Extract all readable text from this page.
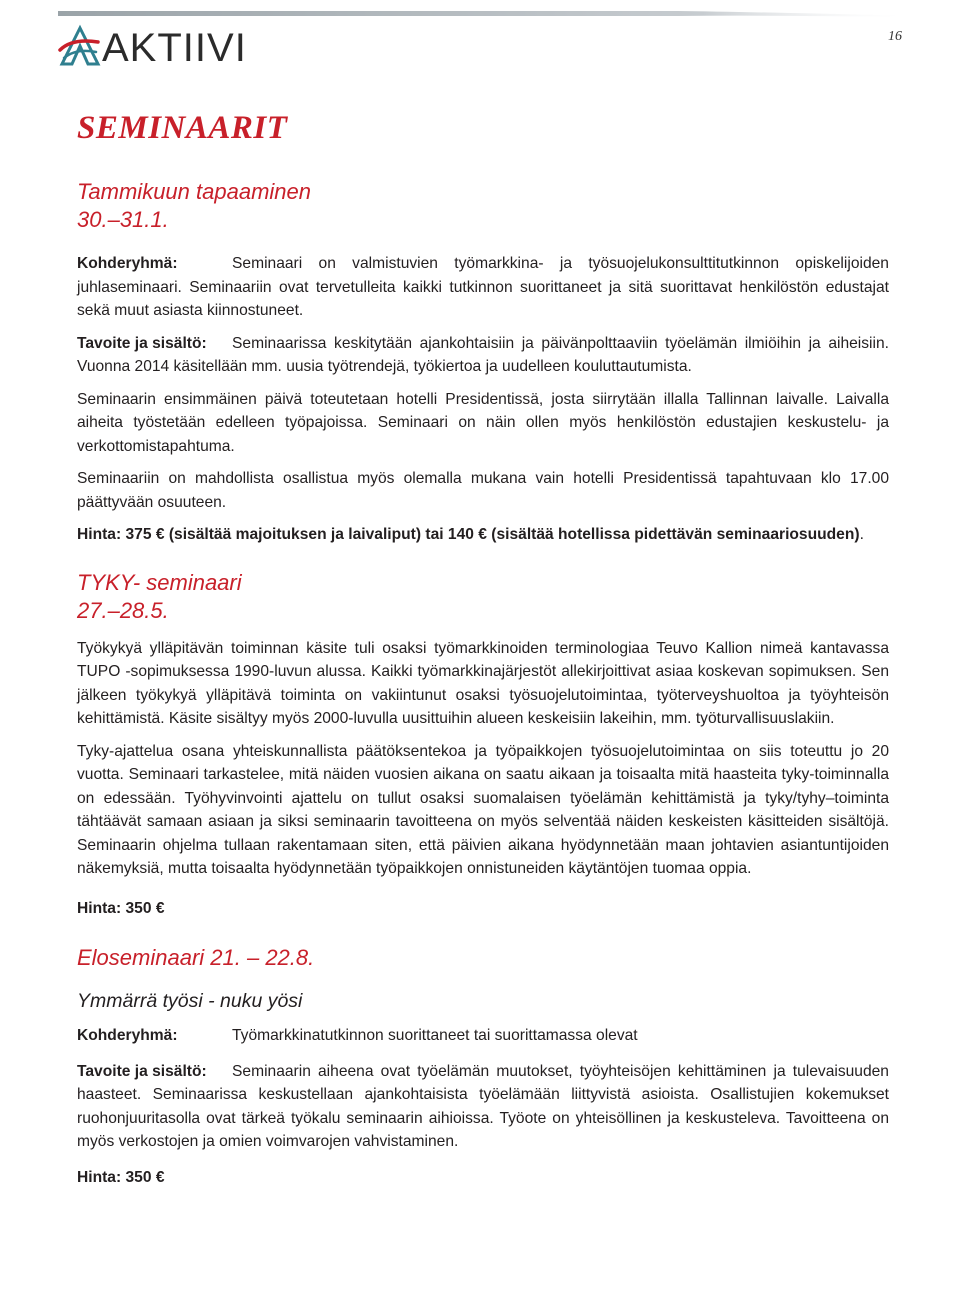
AKTIIVI	16
SEMINAARIT
Tammikuun tapaaminen
30.–31.1.

Kohderyhmä:	Seminaari on valmistuvien työmarkkina- ja työsuojelukonsulttitutkinnon opiskelijoiden juhlaseminaari. Seminaariin ovat tervetulleita kaikki tutkinnon suorittaneet ja sitä suorittavat henkilöstön edustajat sekä muut asiasta kiinnostuneet.

Tavoite ja sisältö: Seminaarissa keskitytään ajankohtaisiin ja päivänpolttaaviin työelämän ilmiöihin ja aiheisiin. Vuonna 2014 käsitellään mm. uusia työtrendejä, työkiertoa ja uudelleen kouluttautumista.

Seminaarin ensimmäinen päivä toteutetaan hotelli Presidentissä, josta siirrytään illalla Tallinnan laivalle. Laivalla aiheita työstetään edelleen työpajoissa. Seminaari on näin ollen myös henkilöstön edustajien keskustelu- ja verkottomistapahtuma.

Seminaariin on mahdollista osallistua myös olemalla mukana vain hotelli Presidentissä tapahtuvaan klo 17.00 päättyvään osuuteen.

Hinta: 375 € (sisältää majoituksen ja laivaliput) tai 140 € (sisältää hotellissa pidettävän seminaariosuuden).

TYKY- seminaari
27.–28.5.

Työkykyä ylläpitävän toiminnan käsite tuli osaksi työmarkkinoiden terminologiaa Teuvo Kallion nimeä kantavassa TUPO -sopimuksessa 1990-luvun alussa. Kaikki työmarkkinajärjestöt allekirjoittivat asiaa koskevan sopimuksen. Sen jälkeen työkykyä ylläpitävä toiminta on vakiintunut osaksi työsuojelutoimintaa, työterveyshuoltoa ja työyhteisön kehittämistä. Käsite sisältyy myös 2000-luvulla uusittuihin alueen keskeisiin lakeihin, mm. työturvallisuuslakiin.

Tyky-ajattelua osana yhteiskunnallista päätöksentekoa ja työpaikkojen työsuojelutoimintaa on siis toteuttu jo 20 vuotta. Seminaari tarkastelee, mitä näiden vuosien aikana on saatu aikaan ja toisaalta mitä haasteita tyky-toiminnalla on edessään. Työhyvinvointi ajattelu on tullut osaksi suomalaisen työelämän kehittämistä ja tyky/tyhy–toiminta tähtäävät samaan asiaan ja siksi seminaarin tavoitteena on myös selventää näiden keskeisten käsitteiden sisältöjä. Seminaarin ohjelma tullaan rakentamaan siten, että päivien aikana hyödynnetään maan johtavien asiantuntijoiden näkemyksiä, mutta toisaalta hyödynnetään työpaikkojen onnistuneiden käytäntöjen tuomaa oppia.

Hinta: 350 €

Eloseminaari 21. – 22.8.
Ymmärrä työsi - nuku yösi

Kohderyhmä:	Työmarkkinatutkinnon suorittaneet tai suorittamassa olevat

Tavoite ja sisältö: Seminaarin aiheena ovat työelämän muutokset, työyhteisöjen kehittäminen ja tulevaisuuden haasteet. Seminaarissa keskustellaan ajankohtaisista työelämään liittyvistä asioista. Osallistujien kokemukset ruohonjuuritasolla ovat tärkeä työkalu seminaarin aihioissa. Työote on yhteisöllinen ja keskusteleva. Tavoitteena on myös verkostojen ja omien voimvarojen vahvistaminen.

Hinta: 350 €
